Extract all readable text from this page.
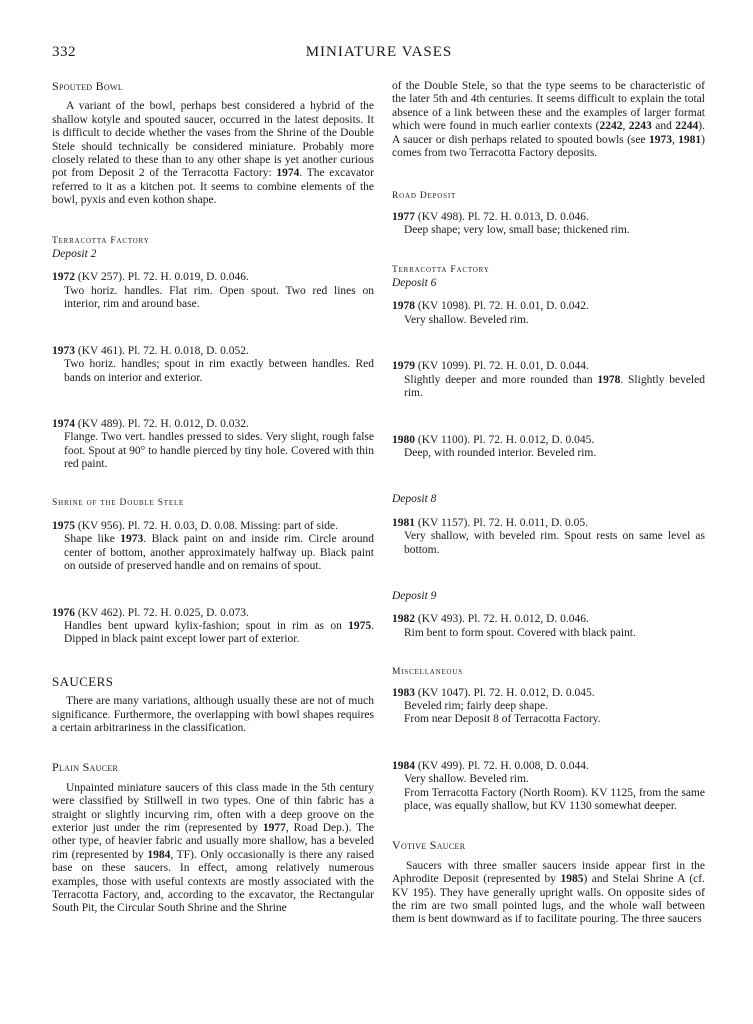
332	MINIATURE VASES

Spouted Bowl

A variant of the bowl, perhaps best considered a hybrid of the shallow kotyle and spouted saucer, occurred in the latest deposits. It is difficult to decide whether the vases from the Shrine of the Double Stele should technically be considered miniature. Probably more closely related to these than to any other shape is yet another curious pot from Deposit 2 of the Terracotta Factory: 1974. The excavator referred to it as a kitchen pot. It seems to combine elements of the bowl, pyxis and even kothon shape.

Terracotta Factory

Deposit 2

1972 (KV 257). Pl. 72. H. 0.019, D. 0.046.

Two horiz. handles. Flat rim. Open spout. Two red lines on interior, rim and around base.

1973 (KV 461). Pl. 72. H. 0.018, D. 0.052.

Two horiz. handles; spout in rim exactly between handles. Red bands on interior and exterior.

1974 (KV 489). Pl. 72. H. 0.012, D. 0.032.

Flange. Two vert. handles pressed to sides. Very slight, rough false foot. Spout at 90° to handle pierced by tiny hole. Covered with thin red paint.

Shrine of the Double Stele

1975 (KV 956). Pl. 72. H. 0.03, D. 0.08. Missing: part of side.

Shape like 1973. Black paint on and inside rim. Circle around center of bottom, another approximately halfway up. Black paint on outside of preserved handle and on remains of spout.

1976 (KV 462). Pl. 72. H. 0.025, D. 0.073.

Handles bent upward kylix-fashion; spout in rim as on 1975. Dipped in black paint except lower part of exterior.

SAUCERS

There are many variations, although usually these are not of much significance. Furthermore, the overlapping with bowl shapes requires a certain arbitrariness in the classification.

Plain Saucer

Unpainted miniature saucers of this class made in the 5th century were classified by Stillwell in two types. One of thin fabric has a straight or slightly incurving rim, often with a deep groove on the exterior just under the rim (represented by 1977, Road Dep.). The other type, of heavier fabric and usually more shallow, has a beveled rim (represented by 1984, TF). Only occasionally is there any raised base on these saucers. In effect, among relatively numerous examples, those with useful contexts are mostly associated with the Terracotta Factory, and, according to the excavator, the Rectangular South Pit, the Circular South Shrine and the Shrine

of the Double Stele, so that the type seems to be characteristic of the later 5th and 4th centuries. It seems difficult to explain the total absence of a link between these and the examples of larger format which were found in much earlier contexts (2242, 2243 and 2244). A saucer or dish perhaps related to spouted bowls (see 1973, 1981) comes from two Terracotta Factory deposits.

Road Deposit

1977 (KV 498). Pl. 72. H. 0.013, D. 0.046.

Deep shape; very low, small base; thickened rim.

Terracotta Factory

Deposit 6

1978 (KV 1098). Pl. 72. H. 0.01, D. 0.042.

Very shallow. Beveled rim.

1979 (KV 1099). Pl. 72. H. 0.01, D. 0.044.

Slightly deeper and more rounded than 1978. Slightly beveled rim.

1980 (KV 1100). Pl. 72. H. 0.012, D. 0.045.

Deep, with rounded interior. Beveled rim.

Deposit 8

1981 (KV 1157). Pl. 72. H. 0.011, D. 0.05.

Very shallow, with beveled rim. Spout rests on same level as bottom.

Deposit 9

1982 (KV 493). Pl. 72. H. 0.012, D. 0.046.

Rim bent to form spout. Covered with black paint.

Miscellaneous

1983 (KV 1047). Pl. 72. H. 0.012, D. 0.045.

Beveled rim; fairly deep shape.

From near Deposit 8 of Terracotta Factory.

1984 (KV 499). Pl. 72. H. 0.008, D. 0.044.

Very shallow. Beveled rim.

From Terracotta Factory (North Room). KV 1125, from the same place, was equally shallow, but KV 1130 somewhat deeper.

Votive Saucer

Saucers with three smaller saucers inside appear first in the Aphrodite Deposit (represented by 1985) and Stelai Shrine A (cf. KV 195). They have generally upright walls. On opposite sides of the rim are two small pointed lugs, and the whole wall between them is bent downward as if to facilitate pouring. The three saucers
